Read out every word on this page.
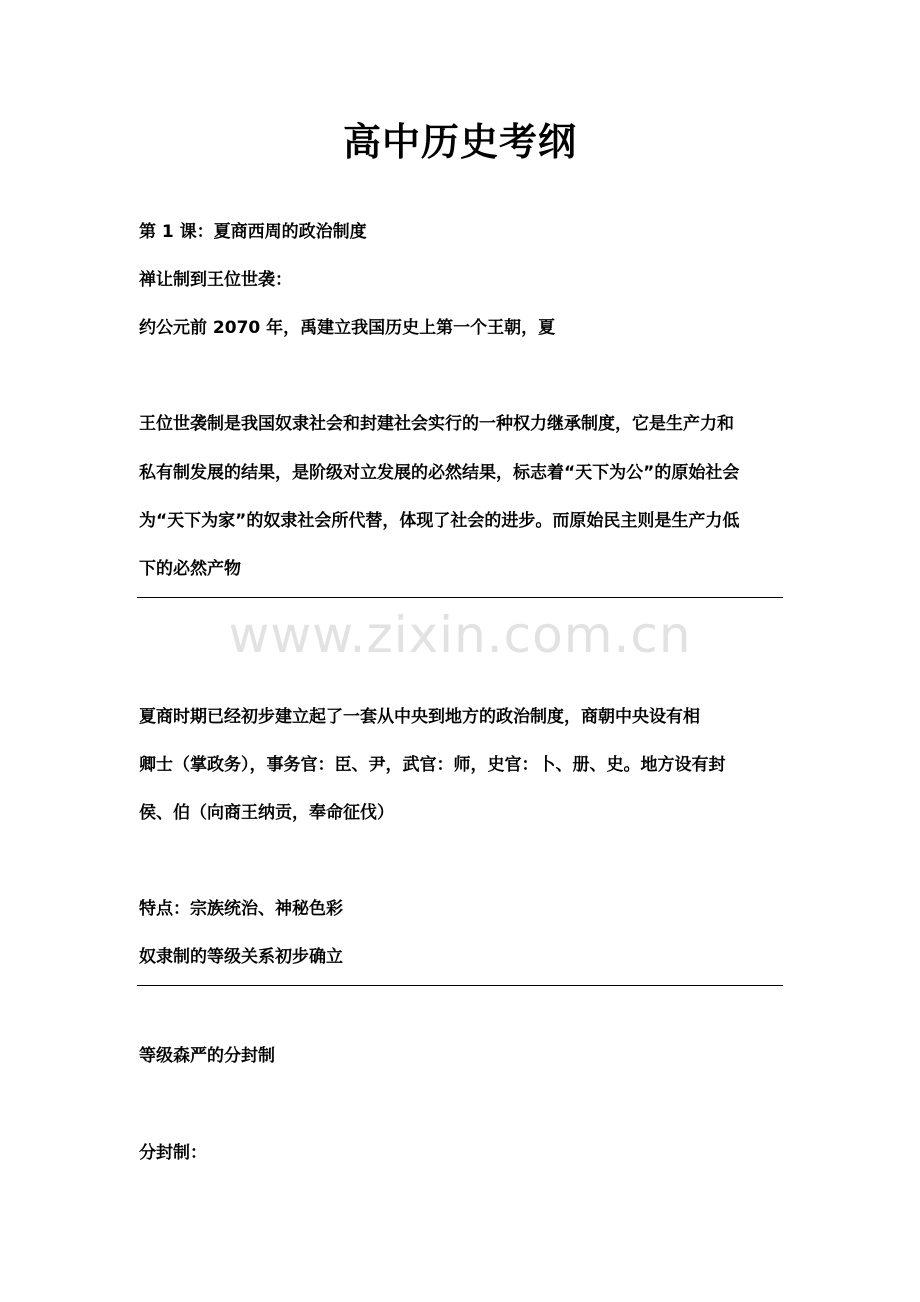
高中历史考纲
第 1 课：夏商西周的政治制度
禅让制到王位世袭：
约公元前 2070 年，禹建立我国历史上第一个王朝，夏
王位世袭制是我国奴隶社会和封建社会实行的一种权力继承制度，它是生产力和
私有制发展的结果，是阶级对立发展的必然结果，标志着“天下为公”的原始社会
为“天下为家”的奴隶社会所代替，体现了社会的进步。而原始民主则是生产力低
下的必然产物
www.zixin.com.cn
夏商时期已经初步建立起了一套从中央到地方的政治制度，商朝中央设有相
卿士（掌政务），事务官：臣、尹，武官：师，史官：卜、册、史。地方设有封
侯、伯（向商王纳贡，奉命征伐）
特点：宗族统治、神秘色彩
奴隶制的等级关系初步确立
等级森严的分封制
分封制：
